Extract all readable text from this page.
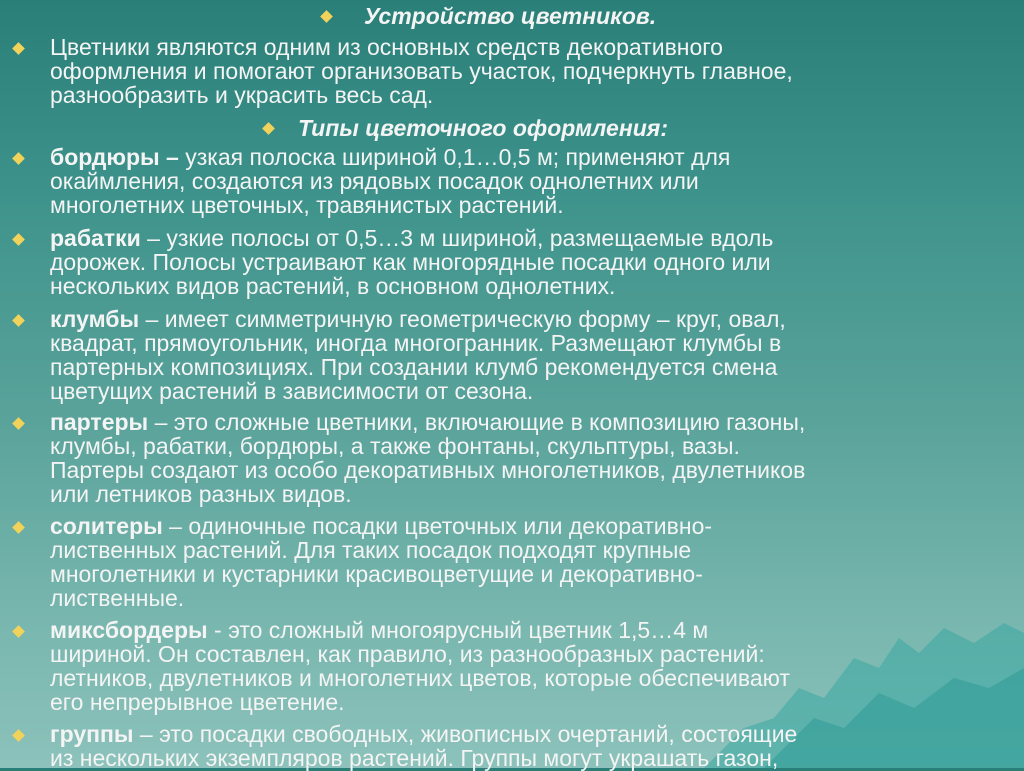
Устройство цветников.
Цветники являются одним из основных средств декоративного
оформления и помогают организовать участок, подчеркнуть главное,
разнообразить и украсить весь сад.
Типы цветочного оформления:
бордюры – узкая полоска шириной 0,1…0,5 м; применяют для
окаймления, создаются из рядовых посадок однолетних или
многолетних цветочных, травянистых растений.
рабатки – узкие полосы от 0,5…3 м шириной, размещаемые вдоль
дорожек. Полосы устраивают как многорядные посадки одного или
нескольких видов растений, в основном однолетних.
клумбы – имеет симметричную геометрическую форму – круг, овал,
квадрат, прямоугольник, иногда многогранник. Размещают клумбы в
партерных композициях. При создании клумб рекомендуется смена
цветущих растений в зависимости от сезона.
партеры – это сложные цветники, включающие в композицию газоны,
клумбы, рабатки, бордюры, а также фонтаны, скульптуры, вазы.
Партеры создают из особо декоративных многолетников, двулетников
или летников разных видов.
солитеры – одиночные посадки цветочных или декоративно-
лиственных растений. Для таких посадок подходят крупные
многолетники и кустарники красивоцветущие и декоративно-
лиственные.
миксбордеры - это сложный многоярусный цветник 1,5…4 м
шириной. Он составлен, как правило, из разнообразных растений:
летников, двулетников и многолетних цветов, которые обеспечивают
его непрерывное цветение.
группы – это посадки свободных, живописных очертаний, состоящие
из нескольких экземпляров растений. Группы могут украшать газон,
